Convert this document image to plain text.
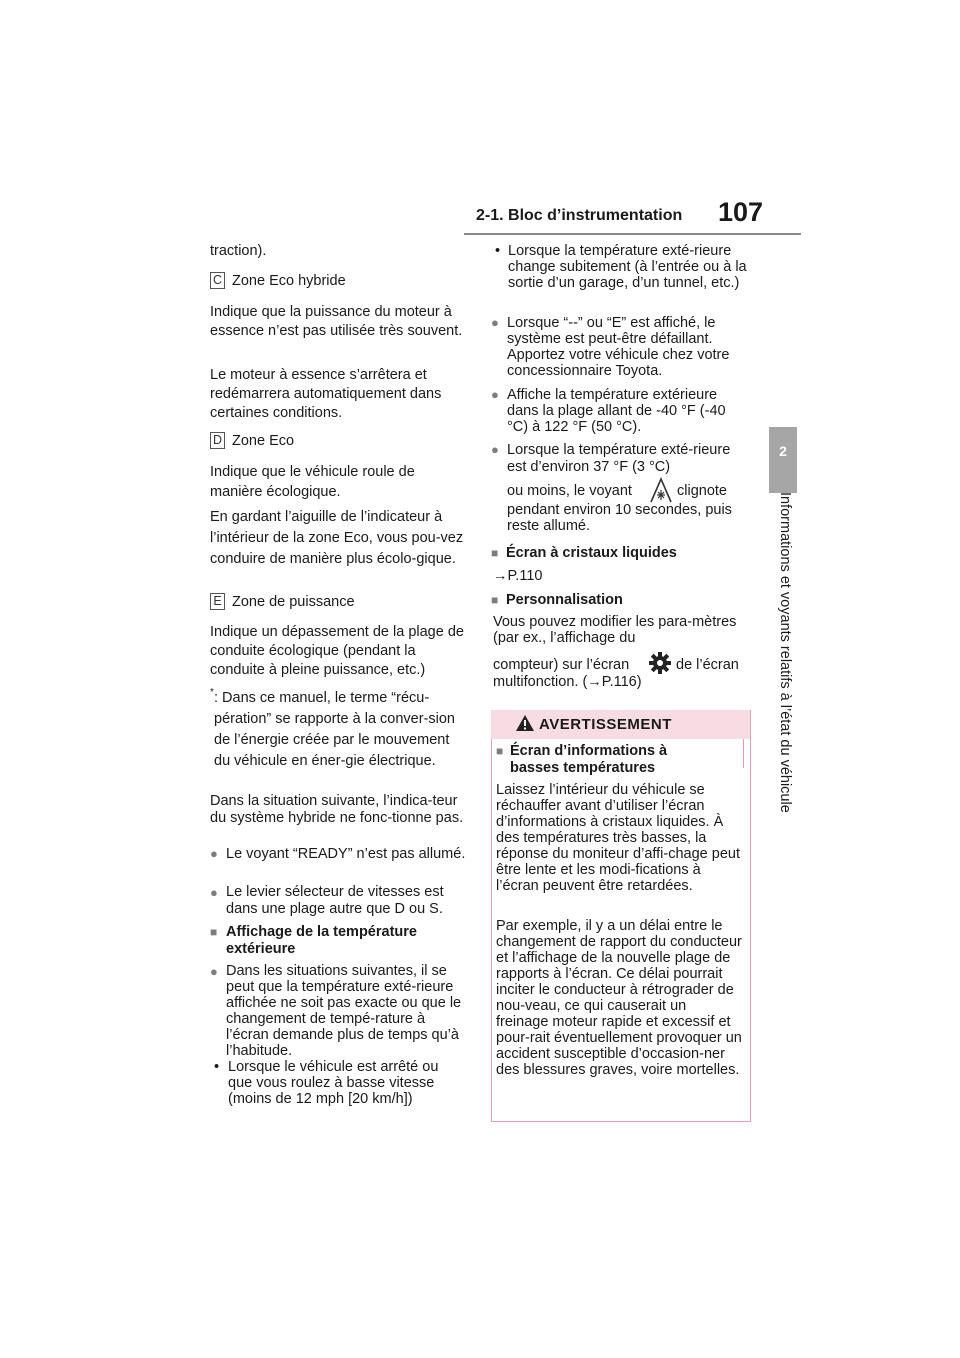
2-1. Bloc d’instrumentation 107
2
Informations et voyants relatifs à l’état du véhicule

traction).

C Zone Eco hybride

Indique que la puissance du moteur à essence n’est pas utilisée très souvent.

Le moteur à essence s’arrêtera et redémarrera automatiquement dans certaines conditions.

D Zone Eco

Indique que le véhicule roule de manière écologique.

En gardant l’aiguille de l’indicateur à l’intérieur de la zone Eco, vous pou-vez conduire de manière plus écolo-gique.

E Zone de puissance

Indique un dépassement de la plage de conduite écologique (pendant la conduite à pleine puissance, etc.)

* : Dans ce manuel, le terme “récu-pération” se rapporte à la conver-sion de l’énergie créée par le mouvement du véhicule en éner-gie électrique.

Dans la situation suivante, l’indica-teur du système hybride ne fonc-tionne pas.

● Le voyant “READY” n’est pas allumé.

● Le levier sélecteur de vitesses est dans une plage autre que D ou S.

■ Affichage de la température extérieure

● Dans les situations suivantes, il se peut que la température exté-rieure affichée ne soit pas exacte ou que le changement de tempé-rature à l’écran demande plus de temps qu’à l’habitude.

• Lorsque le véhicule est arrêté ou que vous roulez à basse vitesse (moins de 12 mph [20 km/h])

• Lorsque la température exté-rieure change subitement (à l’entrée ou à la sortie d’un garage, d’un tunnel, etc.)

● Lorsque “--” ou “E” est affiché, le système est peut-être défaillant. Apportez votre véhicule chez votre concessionnaire Toyota.

● Affiche la température extérieure dans la plage allant de -40 °F (-40 °C) à 122 °F (50 °C).

● Lorsque la température exté-rieure est d’environ 37 °F (3 °C)

ou moins, le voyant	clignote

pendant environ 10 secondes, puis reste allumé.

■ Écran à cristaux liquides

→P.110

■ Personnalisation

Vous pouvez modifier les para-mètres (par ex., l’affichage du

compteur) sur l’écran	de l’écran

multifonction. (→P.116)

AVERTISSEMENT
■ Écran d’informations à basses températures

Laissez l’intérieur du véhicule se réchauffer avant d’utiliser l’écran d’informations à cristaux liquides. À des températures très basses, la réponse du moniteur d’affi-chage peut être lente et les modi-fications à l’écran peuvent être retardées.

Par exemple, il y a un délai entre le changement de rapport du conducteur et l’affichage de la nouvelle plage de rapports à l’écran. Ce délai pourrait inciter le conducteur à rétrograder de nou-veau, ce qui causerait un freinage moteur rapide et excessif et pour-rait éventuellement provoquer un accident susceptible d’occasion-ner des blessures graves, voire mortelles.
